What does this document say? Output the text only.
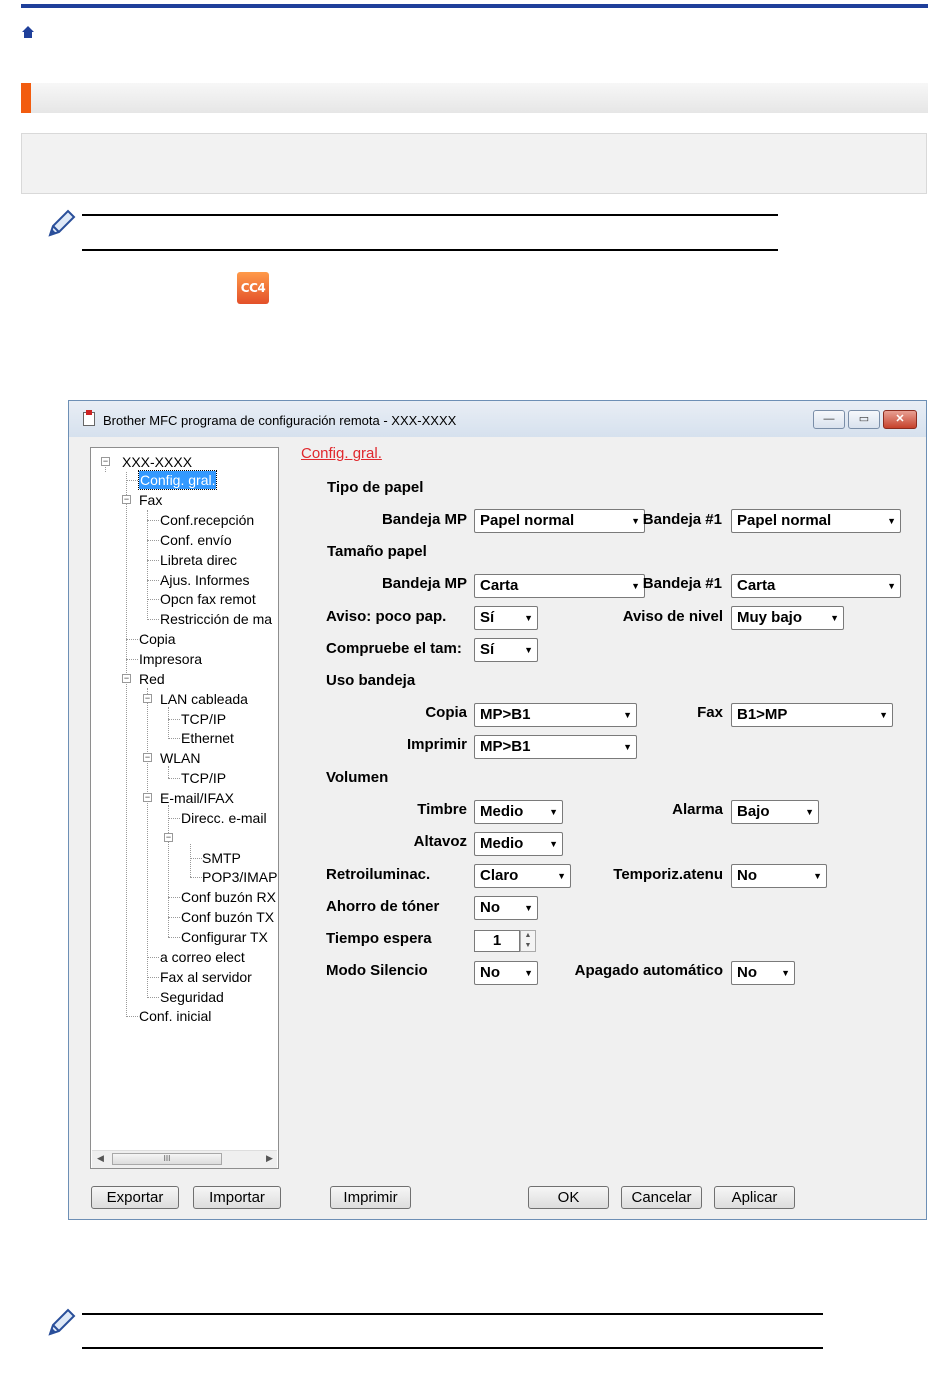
CC4
Brother MFC programa de configuración remota - XXX-XXXX	—	▭	✕
− XXX-XXXX
Config. gral.
− Fax
Conf.recepción
Conf. envío
Libreta direc
Ajus. Informes
Opcn fax remot
Restricción de ma
Copia
Impresora
− Red
− LAN cableada
TCP/IP
Ethernet
− WLAN
TCP/IP
− E-mail/IFAX
Direcc. e-mail
−
SMTP
POP3/IMAP
Conf buzón RX
Conf buzón TX
Configurar TX
a correo elect
Fax al servidor
Seguridad
Conf. inicial
◀	III	▶
Config. gral.
Tipo de papel
Bandeja MP Papel normal	▼ Bandeja #1	Papel normal	▼
Tamaño papel
Bandeja MP Carta	▼ Bandeja #1	Carta	▼
Aviso: poco pap.	Sí	▼	Aviso de nivel Muy bajo	▼
Compruebe el tam:	Sí	▼
Uso bandeja
Copia MP>B1	▼	Fax B1>MP	▼
Imprimir MP>B1	▼
Volumen
Timbre Medio	▼	Alarma Bajo	▼
Altavoz Medio	▼
Retroiluminac.	Claro	▼	Temporiz.atenu No	▼
Ahorro de tóner	No	▼
Tiempo espera	1	▲
▼
Modo Silencio	No	▼	Apagado automático No	▼
Exportar	Importar	Imprimir	OK	Cancelar	Aplicar
